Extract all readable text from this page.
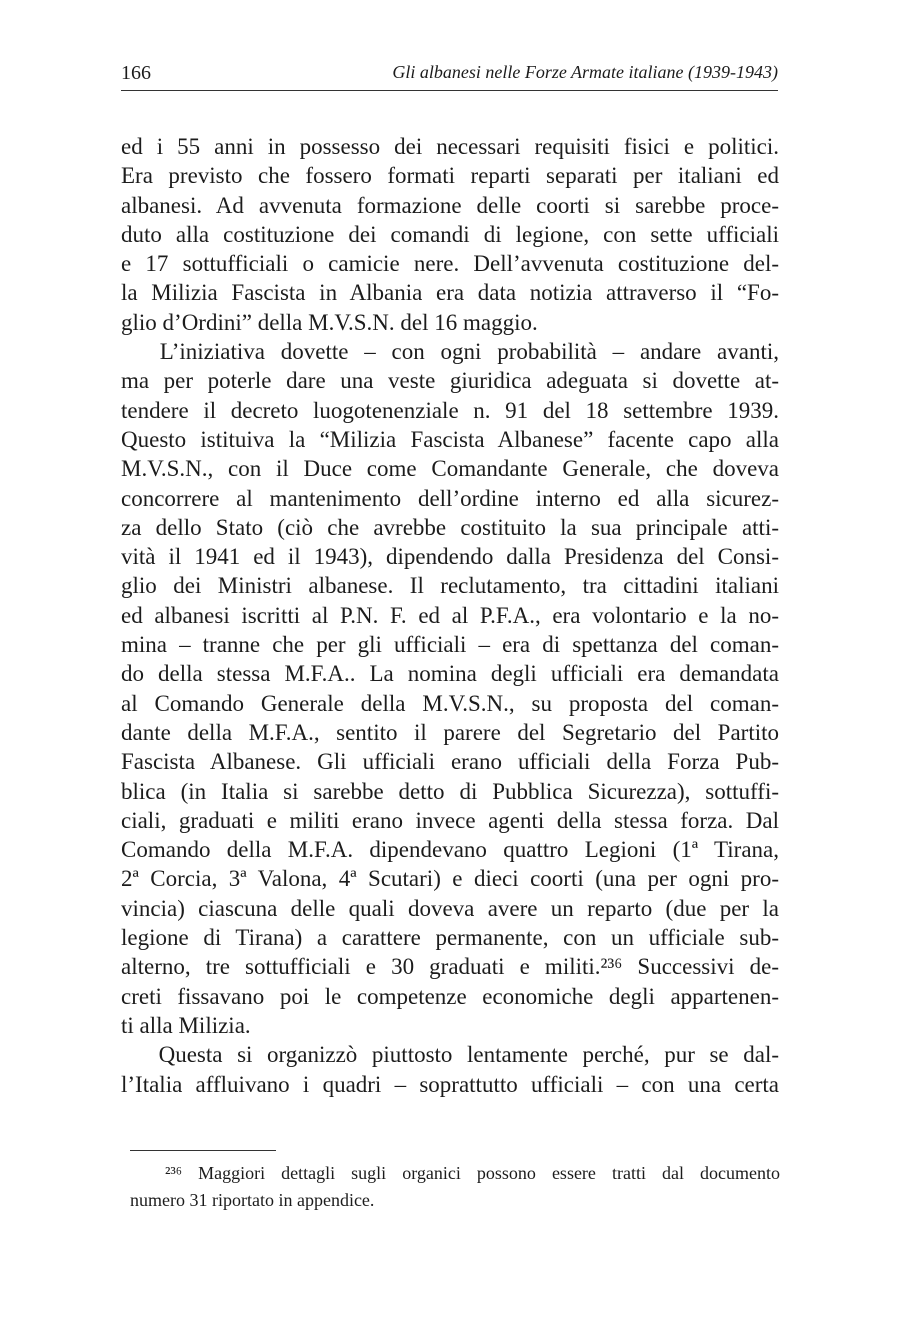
166	Gli albanesi nelle Forze Armate italiane (1939-1943)
ed i 55 anni in possesso dei necessari requisiti fisici e politici.
Era previsto che fossero formati reparti separati per italiani ed
albanesi. Ad avvenuta formazione delle coorti si sarebbe proce-
duto alla costituzione dei comandi di legione, con sette ufficiali
e 17 sottufficiali o camicie nere. Dell’avvenuta costituzione del-
la Milizia Fascista in Albania era data notizia attraverso il “Fo-
glio d’Ordini” della M.V.S.N. del 16 maggio.
  L’iniziativa dovette – con ogni probabilità – andare avanti,
ma per poterle dare una veste giuridica adeguata si dovette at-
tendere il decreto luogotenenziale n. 91 del 18 settembre 1939.
Questo istituiva la “Milizia Fascista Albanese” facente capo alla
M.V.S.N., con il Duce come Comandante Generale, che doveva
concorrere al mantenimento dell’ordine interno ed alla sicurez-
za dello Stato (ciò che avrebbe costituito la sua principale atti-
vità il 1941 ed il 1943), dipendendo dalla Presidenza del Consi-
glio dei Ministri albanese. Il reclutamento, tra cittadini italiani
ed albanesi iscritti al P.N. F. ed al P.F.A., era volontario e la no-
mina – tranne che per gli ufficiali – era di spettanza del coman-
do della stessa M.F.A.. La nomina degli ufficiali era demandata
al Comando Generale della M.V.S.N., su proposta del coman-
dante della M.F.A., sentito il parere del Segretario del Partito
Fascista Albanese. Gli ufficiali erano ufficiali della Forza Pub-
blica (in Italia si sarebbe detto di Pubblica Sicurezza), sottuffi-
ciali, graduati e militi erano invece agenti della stessa forza. Dal
Comando della M.F.A. dipendevano quattro Legioni (1ª Tirana,
2ª Corcia, 3ª Valona, 4ª Scutari) e dieci coorti (una per ogni pro-
vincia) ciascuna delle quali doveva avere un reparto (due per la
legione di Tirana) a carattere permanente, con un ufficiale sub-
alterno, tre sottufficiali e 30 graduati e militi.²³⁶ Successivi de-
creti fissavano poi le competenze economiche degli appartenen-
ti alla Milizia.
  Questa si organizzò piuttosto lentamente perché, pur se dal-
l’Italia affluivano i quadri – soprattutto ufficiali – con una certa
²³⁶ Maggiori dettagli sugli organici possono essere tratti dal documento
numero 31 riportato in appendice.
